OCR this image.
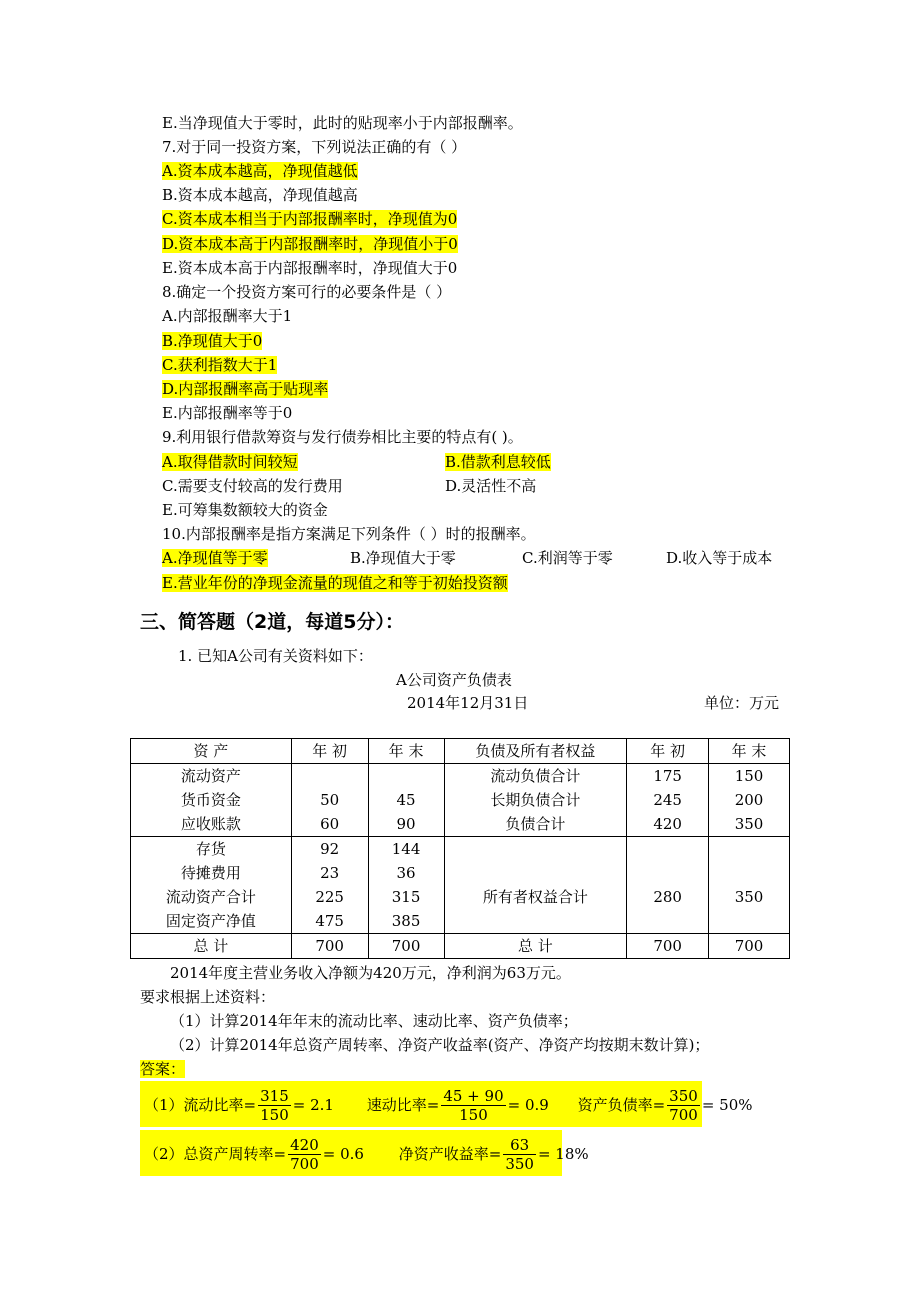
E.当净现值大于零时，此时的贴现率小于内部报酬率。
7.对于同一投资方案，下列说法正确的有（ ）
A.资本成本越高，净现值越低
B.资本成本越高，净现值越高
C.资本成本相当于内部报酬率时，净现值为0
D.资本成本高于内部报酬率时，净现值小于0
E.资本成本高于内部报酬率时，净现值大于0
8.确定一个投资方案可行的必要条件是（ ）
A.内部报酬率大于1
B.净现值大于0
C.获利指数大于1
D.内部报酬率高于贴现率
E.内部报酬率等于0
9.利用银行借款筹资与发行债券相比主要的特点有( )。
A.取得借款时间较短	B.借款利息较低
C.需要支付较高的发行费用	D.灵活性不高
E.可筹集数额较大的资金
10.内部报酬率是指方案满足下列条件（ ）时的报酬率。
A.净现值等于零	B.净现值大于零	C.利润等于零	D.收入等于成本
E.营业年份的净现金流量的现值之和等于初始投资额
三、简答题（2道，每道5分）：
1. 已知A公司有关资料如下：
A公司资产负债表
2014年12月31日	单位：万元
资 产	年 初	年 末	负债及所有者权益	年 初	年 末
流动资产			流动负债合计	175	150
货币资金	50	45	长期负债合计	245	200
应收账款	60	90	负债合计	420	350
存货	92	144			
待摊费用	23	36			
流动资产合计	225	315	所有者权益合计	280	350
固定资产净值	475	385			
总 计	700	700	总 计	700	700
2014年度主营业务收入净额为420万元，净利润为63万元。
要求根据上述资料：
（1）计算2014年年末的流动比率、速动比率、资产负债率；
（2）计算2014年总资产周转率、净资产收益率(资产、净资产均按期末数计算)；
答案：
（1）流动比率= $\frac{315}{150} = 2.1$ 速动比率= $\frac{45 + 90}{150} = 0.9$ 资产负债率= $\frac{350}{700} = 50\%$
（2）总资产周转率= $\frac{420}{700} = 0.6$ 净资产收益率= $\frac{63}{350} = 18\%$
